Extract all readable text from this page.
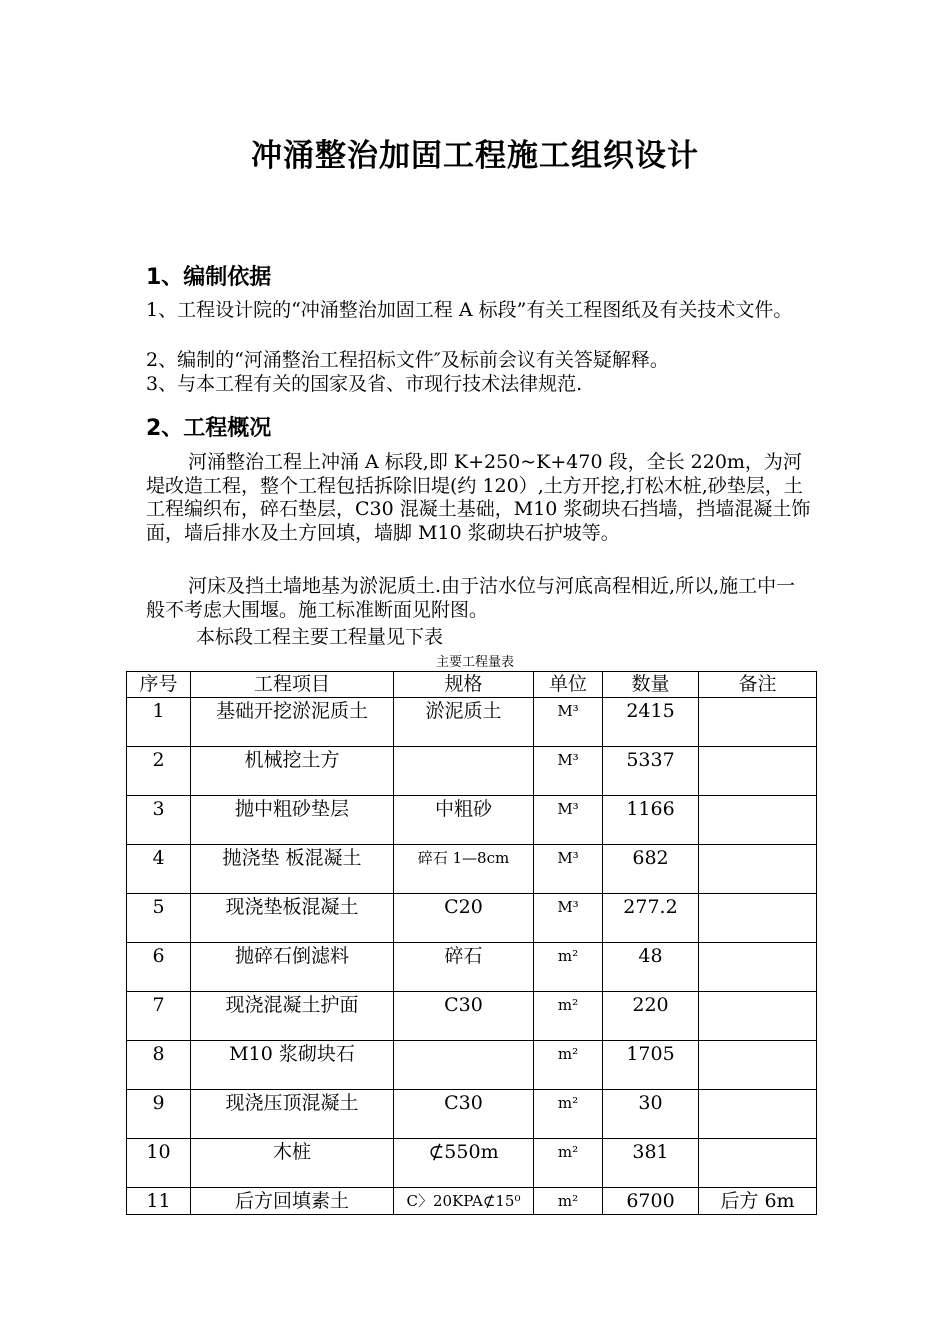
冲涌整治加固工程施工组织设计
1、编制依据
1、工程设计院的“冲涌整治加固工程 A 标段”有关工程图纸及有关技术文件。
2、编制的“河涌整治工程招标文件″及标前会议有关答疑解释。
3、与本工程有关的国家及省、市现行技术法律规范.
2、工程概况
河涌整治工程上冲涌 A 标段,即 K+250~K+470 段，全长 220m，为河堤改造工程，整个工程包括拆除旧堤(约 120）,土方开挖,打松木桩,砂垫层，土工程编织布，碎石垫层，C30 混凝土基础，M10 浆砌块石挡墙，挡墙混凝土饰面，墙后排水及土方回填，墙脚 M10 浆砌块石护坡等。
河床及挡土墙地基为淤泥质土.由于沽水位与河底高程相近,所以,施工中一般不考虑大围堰。施工标准断面见附图。
本标段工程主要工程量见下表
主要工程量表
序号	工程项目	规格	单位	数量	备注
1	基础开挖淤泥质土	淤泥质土	M³	2415	
2	机械挖土方		M³	5337	
3	抛中粗砂垫层	中粗砂	M³	1166	
4	抛浇垫 板混凝土	碎石 1—8cm	M³	682	
5	现浇垫板混凝土	C20	M³	277.2	
6	抛碎石倒滤料	碎石	m²	48	
7	现浇混凝土护面	C30	m²	220	
8	M10 浆砌块石		m²	1705	
9	现浇压顶混凝土	C30	m²	30	
10	木桩	⊄550m	m²	381	
11	后方回填素土	C〉20KPA⊄15⁰	m²	6700	后方 6m
